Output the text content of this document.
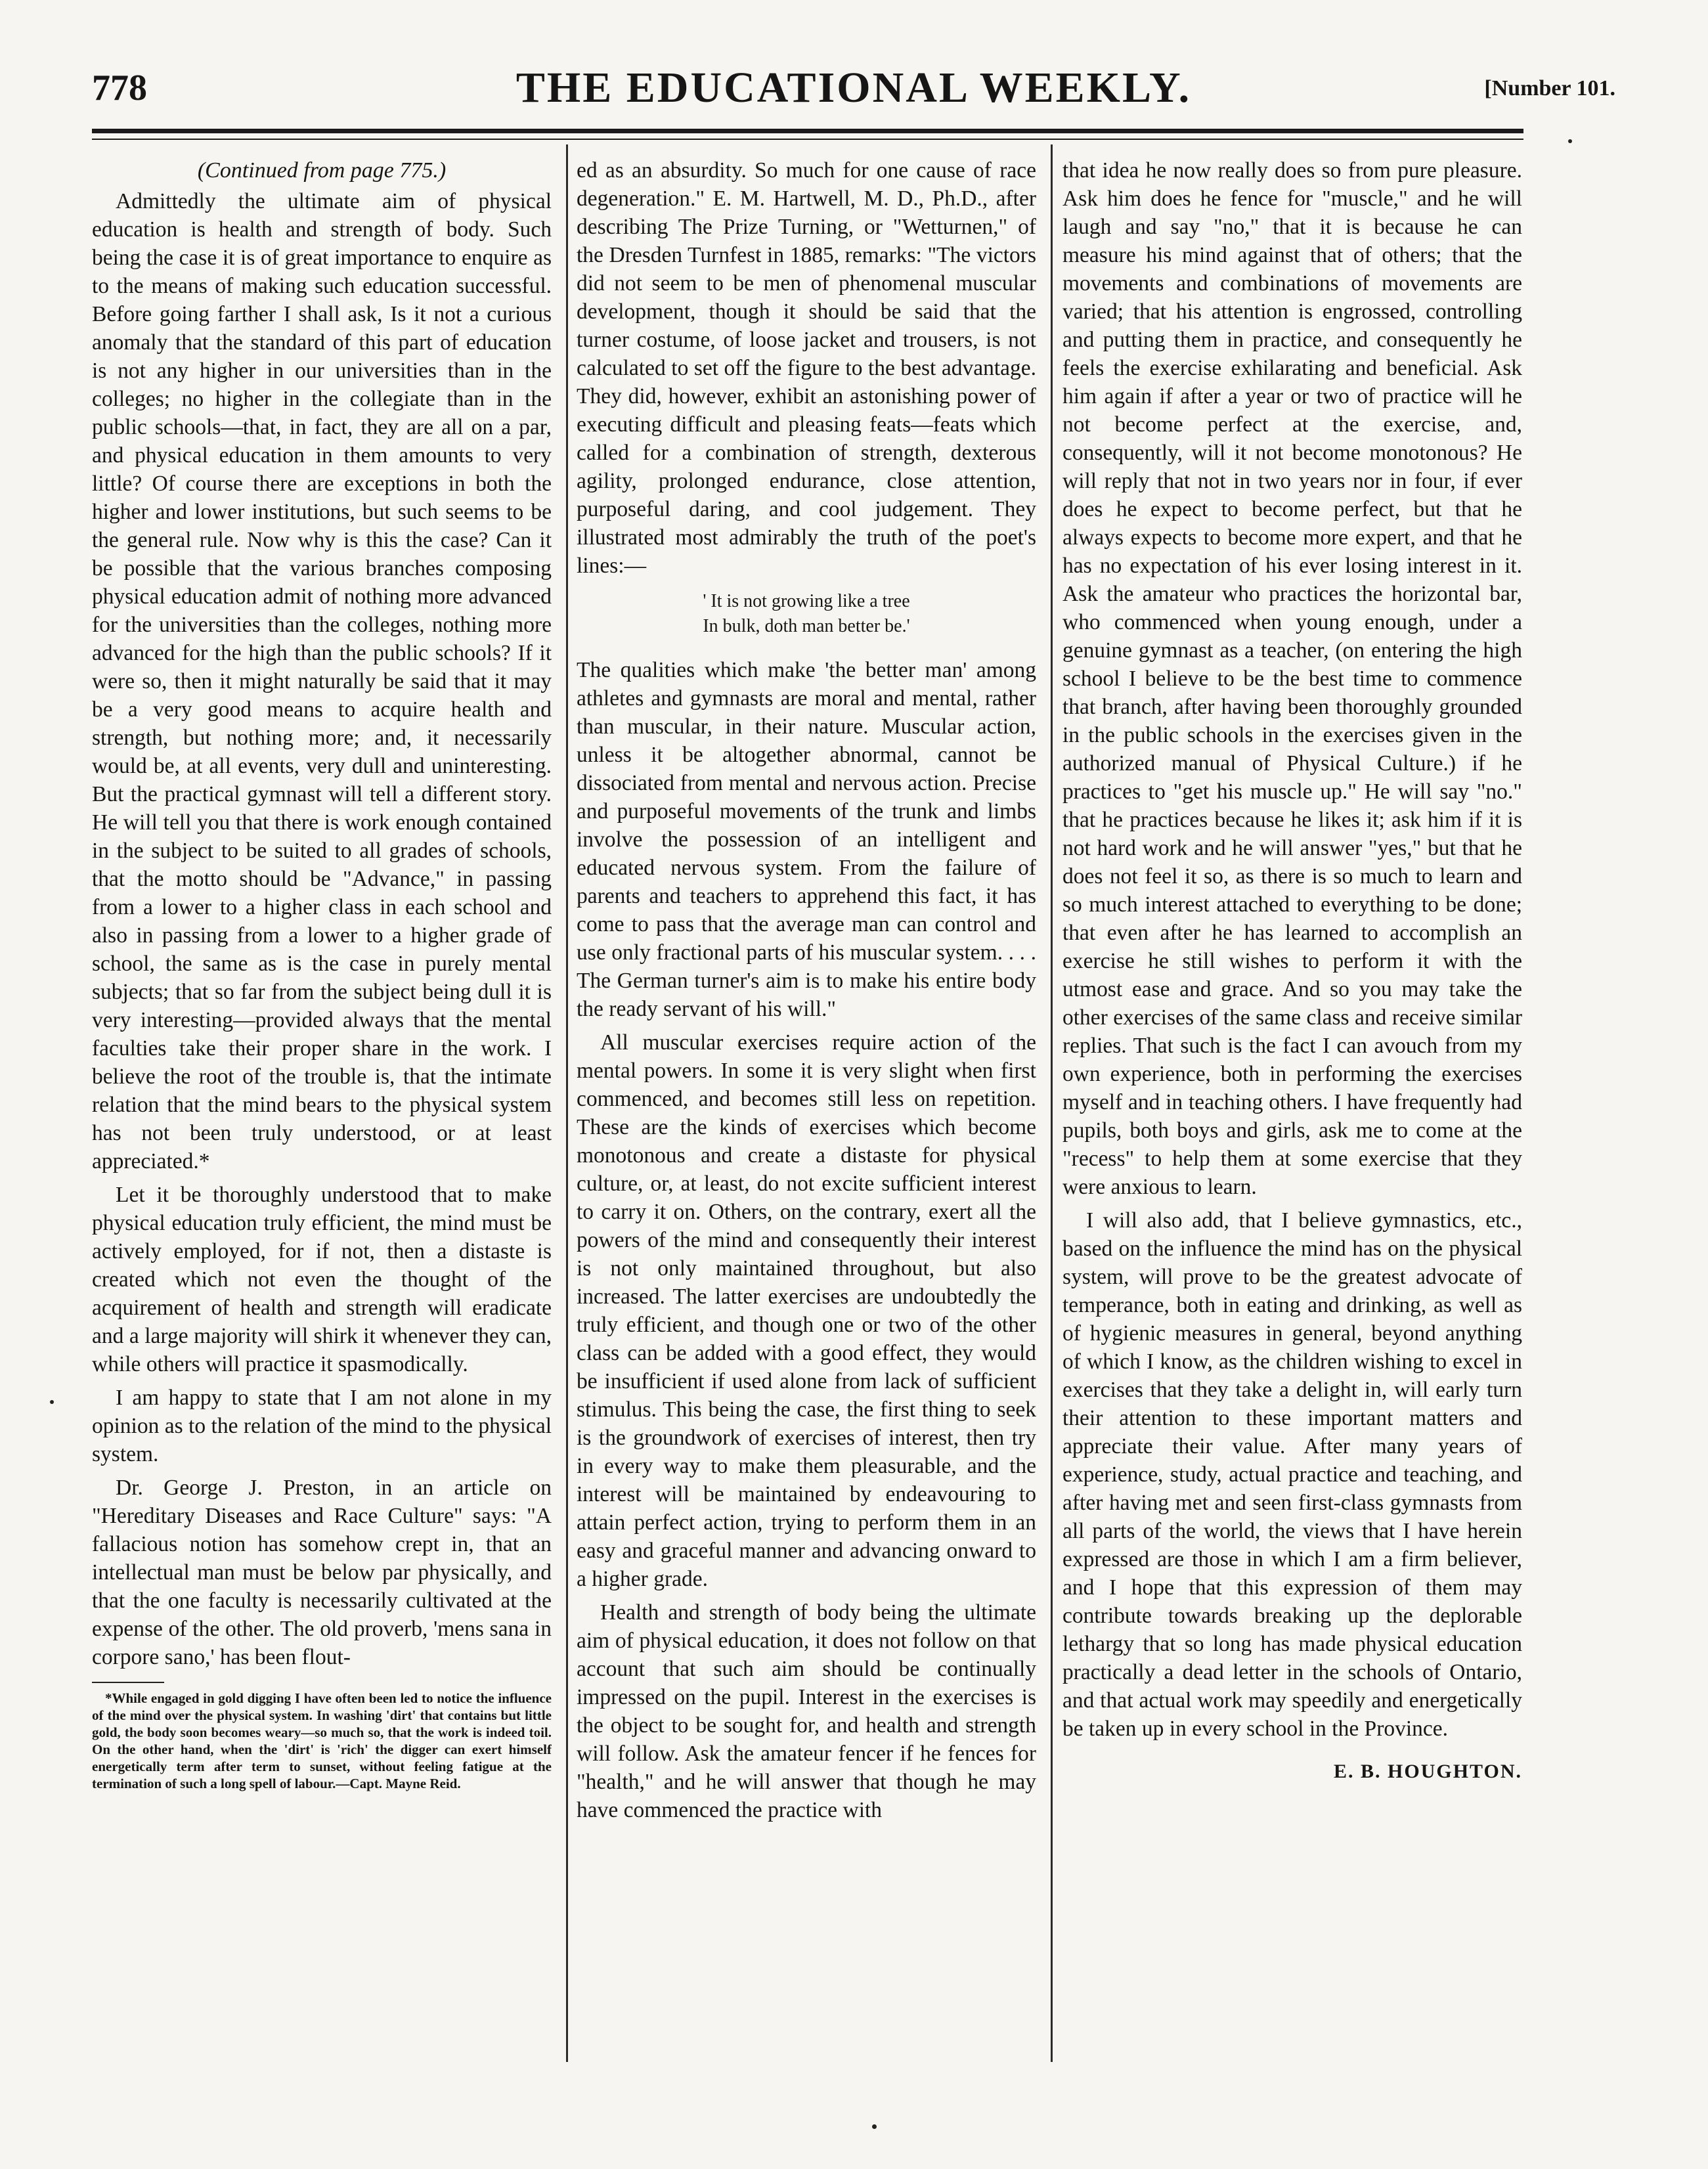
778	THE EDUCATIONAL WEEKLY.	[Number 101.
(Continued from page 775.)

Admittedly the ultimate aim of physical education is health and strength of body. Such being the case it is of great importance to enquire as to the means of making such education successful. Before going farther I shall ask, Is it not a curious anomaly that the standard of this part of education is not any higher in our universities than in the colleges; no higher in the collegiate than in the public schools—that, in fact, they are all on a par, and physical education in them amounts to very little? Of course there are exceptions in both the higher and lower institutions, but such seems to be the general rule. Now why is this the case? Can it be possible that the various branches composing physical education admit of nothing more advanced for the universities than the colleges, nothing more advanced for the high than the public schools? If it were so, then it might naturally be said that it may be a very good means to acquire health and strength, but nothing more; and, it necessarily would be, at all events, very dull and uninteresting. But the practical gymnast will tell a different story. He will tell you that there is work enough contained in the subject to be suited to all grades of schools, that the motto should be "Advance," in passing from a lower to a higher class in each school and also in passing from a lower to a higher grade of school, the same as is the case in purely mental subjects; that so far from the subject being dull it is very interesting—provided always that the mental faculties take their proper share in the work. I believe the root of the trouble is, that the intimate relation that the mind bears to the physical system has not been truly understood, or at least appreciated.*

Let it be thoroughly understood that to make physical education truly efficient, the mind must be actively employed, for if not, then a distaste is created which not even the thought of the acquirement of health and strength will eradicate and a large majority will shirk it whenever they can, while others will practice it spasmodically.

I am happy to state that I am not alone in my opinion as to the relation of the mind to the physical system.

Dr. George J. Preston, in an article on "Hereditary Diseases and Race Culture" says: "A fallacious notion has somehow crept in, that an intellectual man must be below par physically, and that the one faculty is necessarily cultivated at the expense of the other. The old proverb, 'mens sana in corpore sano,' has been flout-

*While engaged in gold digging I have often been led to notice the influence of the mind over the physical system. In washing 'dirt' that contains but little gold, the body soon becomes weary—so much so, that the work is indeed toil. On the other hand, when the 'dirt' is 'rich' the digger can exert himself energetically term after term to sunset, without feeling fatigue at the termination of such a long spell of labour.—Capt. Mayne Reid.

ed as an absurdity. So much for one cause of race degeneration." E. M. Hartwell, M. D., Ph.D., after describing The Prize Turning, or "Wetturnen," of the Dresden Turnfest in 1885, remarks: "The victors did not seem to be men of phenomenal muscular development, though it should be said that the turner costume, of loose jacket and trousers, is not calculated to set off the figure to the best advantage. They did, however, exhibit an astonishing power of executing difficult and pleasing feats—feats which called for a combination of strength, dexterous agility, prolonged endurance, close attention, purposeful daring, and cool judgement. They illustrated most admirably the truth of the poet's lines:—

' It is not growing like a tree
In bulk, doth man better be.'

The qualities which make 'the better man' among athletes and gymnasts are moral and mental, rather than muscular, in their nature. Muscular action, unless it be altogether abnormal, cannot be dissociated from mental and nervous action. Precise and purposeful movements of the trunk and limbs involve the possession of an intelligent and educated nervous system. From the failure of parents and teachers to apprehend this fact, it has come to pass that the average man can control and use only fractional parts of his muscular system. . . . The German turner's aim is to make his entire body the ready servant of his will."

All muscular exercises require action of the mental powers. In some it is very slight when first commenced, and becomes still less on repetition. These are the kinds of exercises which become monotonous and create a distaste for physical culture, or, at least, do not excite sufficient interest to carry it on. Others, on the contrary, exert all the powers of the mind and consequently their interest is not only maintained throughout, but also increased. The latter exercises are undoubtedly the truly efficient, and though one or two of the other class can be added with a good effect, they would be insufficient if used alone from lack of sufficient stimulus. This being the case, the first thing to seek is the groundwork of exercises of interest, then try in every way to make them pleasurable, and the interest will be maintained by endeavouring to attain perfect action, trying to perform them in an easy and graceful manner and advancing onward to a higher grade.

Health and strength of body being the ultimate aim of physical education, it does not follow on that account that such aim should be continually impressed on the pupil. Interest in the exercises is the object to be sought for, and health and strength will follow. Ask the amateur fencer if he fences for "health," and he will answer that though he may have commenced the practice with

that idea he now really does so from pure pleasure. Ask him does he fence for "muscle," and he will laugh and say "no," that it is because he can measure his mind against that of others; that the movements and combinations of movements are varied; that his attention is engrossed, controlling and putting them in practice, and consequently he feels the exercise exhilarating and beneficial. Ask him again if after a year or two of practice will he not become perfect at the exercise, and, consequently, will it not become monotonous? He will reply that not in two years nor in four, if ever does he expect to become perfect, but that he always expects to become more expert, and that he has no expectation of his ever losing interest in it. Ask the amateur who practices the horizontal bar, who commenced when young enough, under a genuine gymnast as a teacher, (on entering the high school I believe to be the best time to commence that branch, after having been thoroughly grounded in the public schools in the exercises given in the authorized manual of Physical Culture.) if he practices to "get his muscle up." He will say "no." that he practices because he likes it; ask him if it is not hard work and he will answer "yes," but that he does not feel it so, as there is so much to learn and so much interest attached to everything to be done; that even after he has learned to accomplish an exercise he still wishes to perform it with the utmost ease and grace. And so you may take the other exercises of the same class and receive similar replies. That such is the fact I can avouch from my own experience, both in performing the exercises myself and in teaching others. I have frequently had pupils, both boys and girls, ask me to come at the "recess" to help them at some exercise that they were anxious to learn.

I will also add, that I believe gymnastics, etc., based on the influence the mind has on the physical system, will prove to be the greatest advocate of temperance, both in eating and drinking, as well as of hygienic measures in general, beyond anything of which I know, as the children wishing to excel in exercises that they take a delight in, will early turn their attention to these important matters and appreciate their value. After many years of experience, study, actual practice and teaching, and after having met and seen first-class gymnasts from all parts of the world, the views that I have herein expressed are those in which I am a firm believer, and I hope that this expression of them may contribute towards breaking up the deplorable lethargy that so long has made physical education practically a dead letter in the schools of Ontario, and that actual work may speedily and energetically be taken up in every school in the Province.

E. B. HOUGHTON.
